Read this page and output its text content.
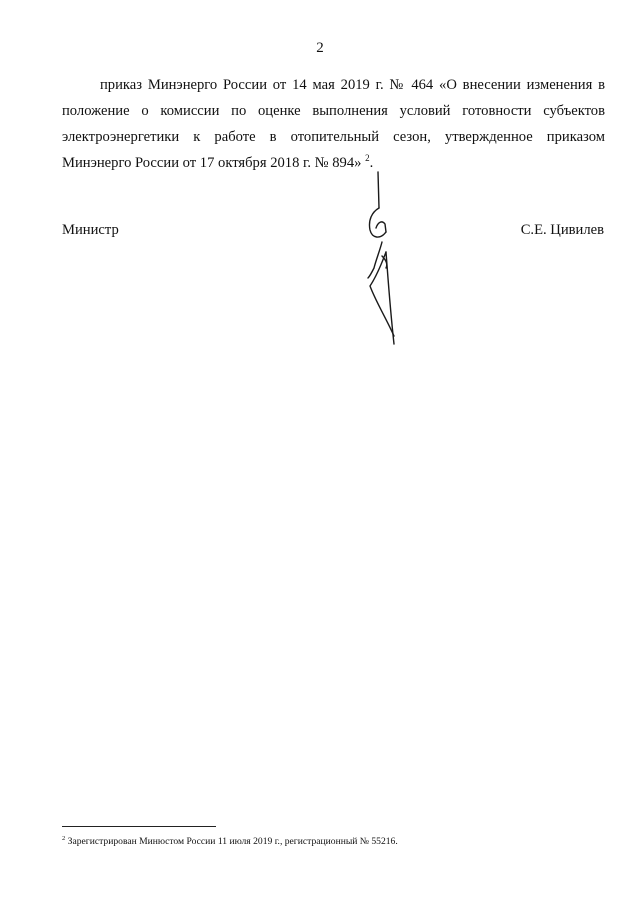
2

приказ Минэнерго России от 14 мая 2019 г. № 464 «О внесении изменения в положение о комиссии по оценке выполнения условий готовности субъектов электроэнергетики к работе в отопительный сезон, утвержденное приказом Минэнерго России от 17 октября 2018 г. № 894» $^2$.

Министр	С.Е. Цивилев
$^2$ Зарегистрирован Минюстом России 11 июля 2019 г., регистрационный № 55216.
